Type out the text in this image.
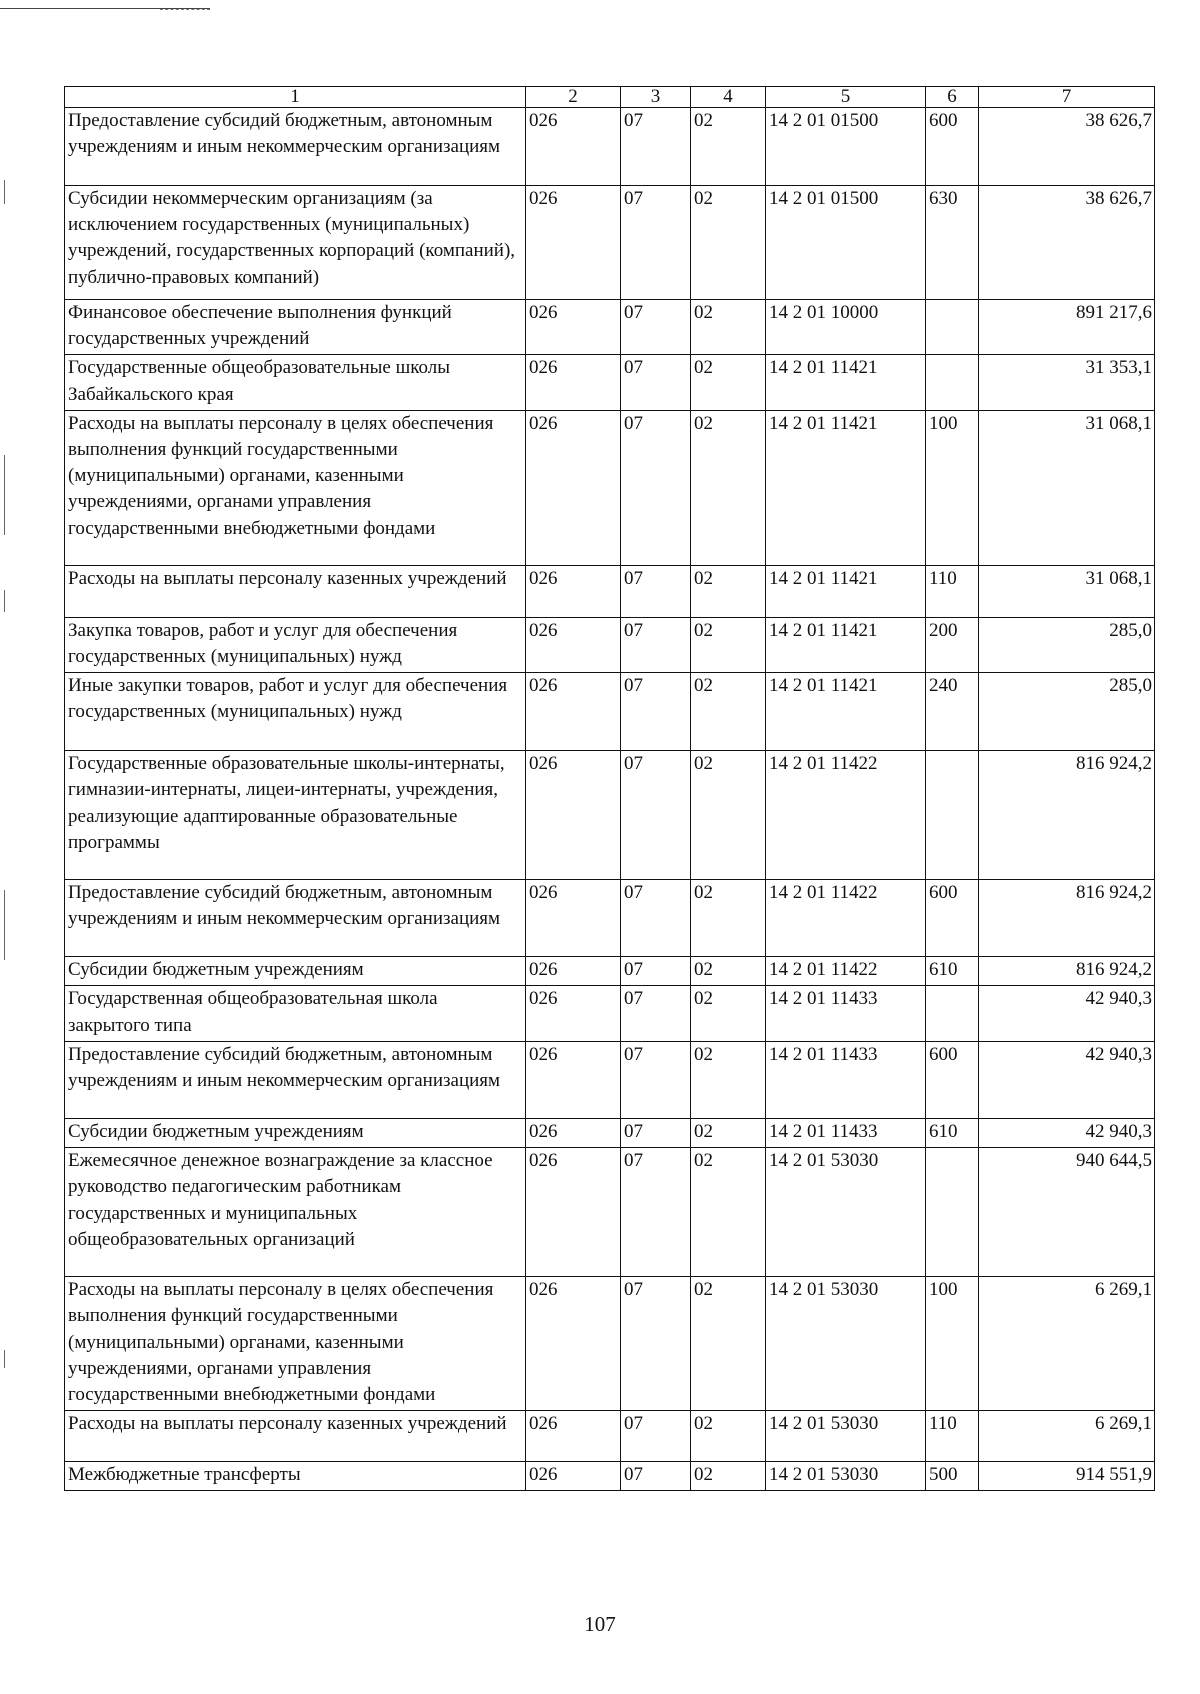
1	2	3	4	5	6	7
Предоставление субсидий бюджетным, автономным учреждениям и иным некоммерческим организациям	026	07	02	14 2 01 01500	600	38 626,7
Субсидии некоммерческим организациям (за исключением государственных (муниципальных) учреждений, государственных корпораций (компаний), публично-правовых компаний)	026	07	02	14 2 01 01500	630	38 626,7
Финансовое обеспечение выполнения функций государственных учреждений	026	07	02	14 2 01 10000		891 217,6
Государственные общеобразовательные школы Забайкальского края	026	07	02	14 2 01 11421		31 353,1
Расходы на выплаты персоналу в целях обеспечения выполнения функций государственными (муниципальными) органами, казенными учреждениями, органами управления государственными внебюджетными фондами	026	07	02	14 2 01 11421	100	31 068,1
Расходы на выплаты персоналу казенных учреждений	026	07	02	14 2 01 11421	110	31 068,1
Закупка товаров, работ и услуг для обеспечения государственных (муниципальных) нужд	026	07	02	14 2 01 11421	200	285,0
Иные закупки товаров, работ и услуг для обеспечения государственных (муниципальных) нужд	026	07	02	14 2 01 11421	240	285,0
Государственные образовательные школы-интернаты, гимназии-интернаты, лицеи-интернаты, учреждения, реализующие адаптированные образовательные программы	026	07	02	14 2 01 11422		816 924,2
Предоставление субсидий бюджетным, автономным учреждениям и иным некоммерческим организациям	026	07	02	14 2 01 11422	600	816 924,2
Субсидии бюджетным учреждениям	026	07	02	14 2 01 11422	610	816 924,2
Государственная общеобразовательная школа закрытого типа	026	07	02	14 2 01 11433		42 940,3
Предоставление субсидий бюджетным, автономным учреждениям и иным некоммерческим организациям	026	07	02	14 2 01 11433	600	42 940,3
Субсидии бюджетным учреждениям	026	07	02	14 2 01 11433	610	42 940,3
Ежемесячное денежное вознаграждение за классное руководство педагогическим работникам государственных и муниципальных общеобразовательных организаций	026	07	02	14 2 01 53030		940 644,5
Расходы на выплаты персоналу в целях обеспечения выполнения функций государственными (муниципальными) органами, казенными учреждениями, органами управления государственными внебюджетными фондами	026	07	02	14 2 01 53030	100	6 269,1
Расходы на выплаты персоналу казенных учреждений	026	07	02	14 2 01 53030	110	6 269,1
Межбюджетные трансферты	026	07	02	14 2 01 53030	500	914 551,9
107
